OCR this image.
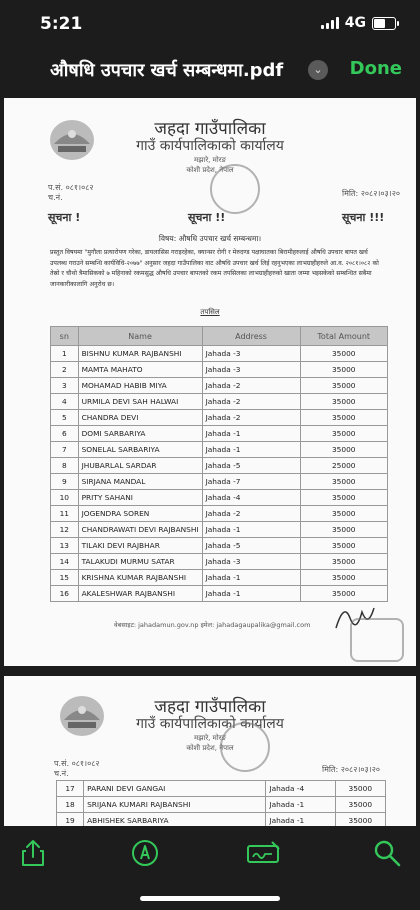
5:21	4G
औषधि उपचार खर्च सम्बन्धमा.pdf	⌄ Done
जहदा गाउँपालिका
गाउँ कार्यपालिकाको कार्यालय
मझारे, मोरङ
कोशी प्रदेश, नेपाल
प.सं. ०८१।०८२
च.नं.	मिति: २०८२।०३।२०
सूचना !	सूचना !!	सूचना !!!
विषय: औषधि उपचार खर्च सम्बन्धमा।
प्रस्तुत विषयमा "मुगौला प्रत्यारोपण गरेका, डायलासिस गराइरहेका, क्यान्सर रोगी र मेरुदण्ड पक्षाघातका बिरामीहरुलाई औषधि उपचार बापत खर्च उपलब्ध गराउने सम्बन्धि कार्यविधि-२०७७" अनुसार जहदा गाउँपालिका वाट औषधि उपचार खर्च लिई रहनुभएका लाभग्राहीहरुले आ.व. २०८१।०८२ को तेस्रो र चौथो त्रैमासिकको ७ महिनाको रकमसुद्ध औषधि उपचार बापतको रकम तपसिलका लाभग्राहीहरुको खाता जम्मा भइसकेको सम्बन्धित सबैमा जानकारीकालागि अनुरोध छ।
तपसिल
sn	Name	Address	Total Amount
1	BISHNU KUMAR RAJBANSHI	Jahada -3	35000
2	MAMTA MAHATO	Jahada -3	35000
3	MOHAMAD HABIB MIYA	Jahada -2	35000
4	URMILA DEVI SAH HALWAI	Jahada -2	35000
5	CHANDRA DEVI	Jahada -2	35000
6	DOMI SARBARIYA	Jahada -1	35000
7	SONELAL SARBARIYA	Jahada -1	35000
8	JHUBARLAL SARDAR	Jahada -5	25000
9	SIRJANA MANDAL	Jahada -7	35000
10	PRITY SAHANI	Jahada -4	35000
11	JOGENDRA SOREN	Jahada -2	35000
12	CHANDRAWATI DEVI RAJBANSHI	Jahada -1	35000
13	TILAKI DEVI RAJBHAR	Jahada -5	35000
14	TALAKUDI MURMU SATAR	Jahada -3	35000
15	KRISHNA KUMAR RAJBANSHI	Jahada -1	35000
16	AKALESHWAR RAJBANSHI	Jahada -1	35000
वेबसाइट: jahadamun.gov.np इमेल: jahadagaupalika@gmail.com
जहदा गाउँपालिका
गाउँ कार्यपालिकाको कार्यालय
मझारे, मोरङ
कोशी प्रदेश, नेपाल
प.सं. ०८१।०८२
च.नं.	मिति: २०८२।०३।२०
17	PARANI DEVI GANGAI	Jahada -4	35000
18	SRIJANA KUMARI RAJBANSHI	Jahada -1	35000
19	ABHISHEK SARBARIYA	Jahada -1	35000
